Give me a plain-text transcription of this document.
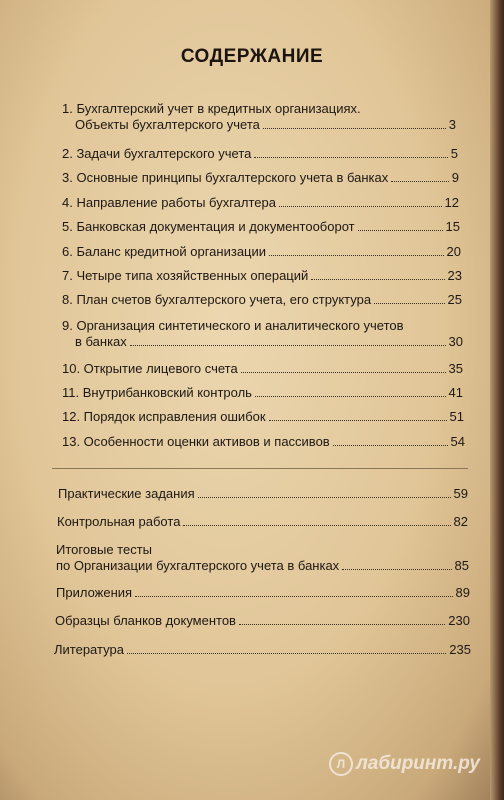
СОДЕРЖАНИЕ
1. Бухгалтерский учет в кредитных организациях.
Объекты бухгалтерского учета	3
2. Задачи бухгалтерского учета	5
3. Основные принципы бухгалтерского учета в банках	9
4. Направление работы бухгалтера	12
5. Банковская документация и документооборот	15
6. Баланс кредитной организации	20
7. Четыре типа хозяйственных операций	23
8. План счетов бухгалтерского учета, его структура	25
9. Организация синтетического и аналитического учетов
в банках	30
10. Открытие лицевого счета	35
11. Внутрибанковский контроль	41
12. Порядок исправления ошибок	51
13. Особенности оценки активов и пассивов	54
Практические задания	59
Контрольная работа	82
Итоговые тесты
по Организации бухгалтерского учета в банках	85
Приложения	89
Образцы бланков документов	230
Литература	235
Л лабиринт.ру
